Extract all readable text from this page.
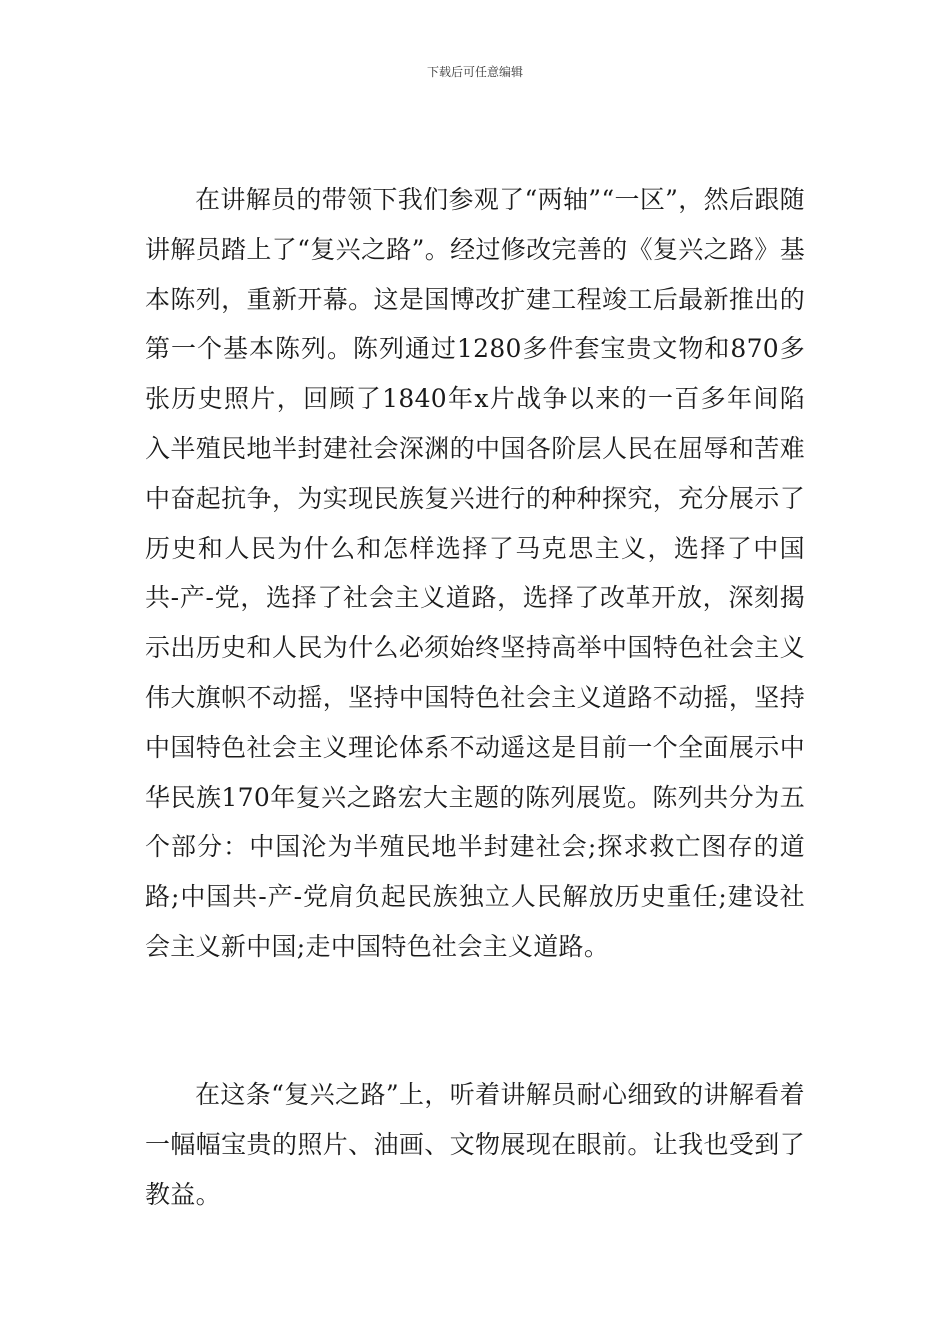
下载后可任意编辑

在讲解员的带领下我们参观了“两轴”“一区”，然后跟随讲解员踏上了“复兴之路”。经过修改完善的《复兴之路》基本陈列，重新开幕。这是国博改扩建工程竣工后最新推出的第一个基本陈列。陈列通过1280多件套宝贵文物和870多张历史照片，回顾了1840年x片战争以来的一百多年间陷入半殖民地半封建社会深渊的中国各阶层人民在屈辱和苦难中奋起抗争，为实现民族复兴进行的种种探究，充分展示了历史和人民为什么和怎样选择了马克思主义，选择了中国共-产-党，选择了社会主义道路，选择了改革开放，深刻揭示出历史和人民为什么必须始终坚持高举中国特色社会主义伟大旗帜不动摇，坚持中国特色社会主义道路不动摇，坚持中国特色社会主义理论体系不动遥这是目前一个全面展示中华民族170年复兴之路宏大主题的陈列展览。陈列共分为五个部分：中国沦为半殖民地半封建社会;探求救亡图存的道路;中国共-产-党肩负起民族独立人民解放历史重任;建设社会主义新中国;走中国特色社会主义道路。

在这条“复兴之路”上，听着讲解员耐心细致的讲解看着一幅幅宝贵的照片、油画、文物展现在眼前。让我也受到了教益。
